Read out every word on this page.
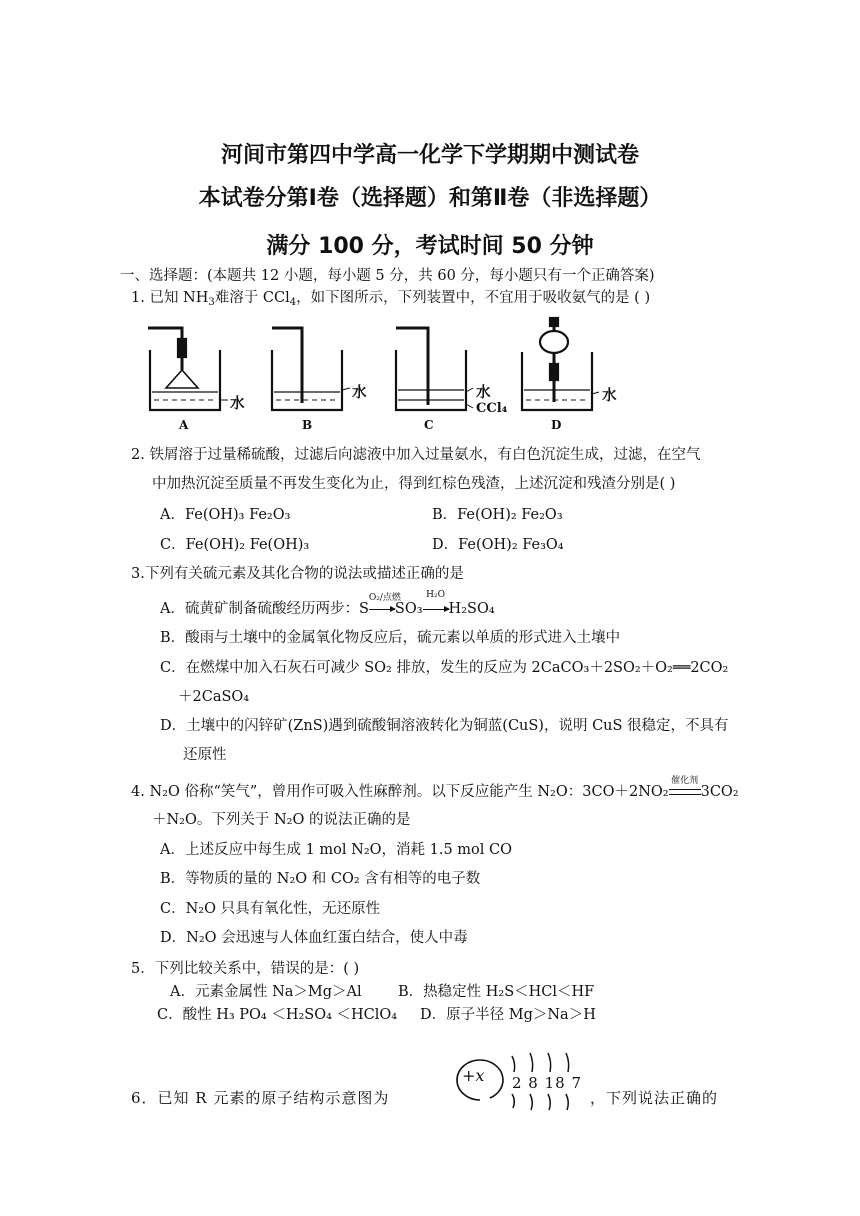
河间市第四中学高一化学下学期期中测试卷
本试卷分第Ⅰ卷（选择题）和第Ⅱ卷（非选择题）
满分 100 分，考试时间 50 分钟
一、选择题：(本题共 12 小题，每小题 5 分，共 60 分，每小题只有一个正确答案)
1. 已知 $NH_3$难溶于 CCl$_4$，如下图所示，下列装置中，不宜用于吸收氨气的是 ( )
水
水	水
CCl₄
水
A	B	C	D
2. 铁屑溶于过量稀硫酸，过滤后向滤液中加入过量氨水，有白色沉淀生成，过滤，在空气
中加热沉淀至质量不再发生变化为止，得到红棕色残渣，上述沉淀和残渣分别是( )
A．Fe(OH)₃ Fe₂O₃	B．Fe(OH)₂ Fe₂O₃
C．Fe(OH)₂ Fe(OH)₃	D．Fe(OH)₂ Fe₃O₄
3.下列有关硫元素及其化合物的说法或描述正确的是
A．硫黄矿制备硫酸经历两步：S
O₂/点燃
SO₃
H₂O
H₂SO₄
B．酸雨与土壤中的金属氧化物反应后，硫元素以单质的形式进入土壤中
C．在燃煤中加入石灰石可减少 SO₂ 排放，发生的反应为 2CaCO₃＋2SO₂＋O₂══2CO₂
＋2CaSO₄
D．土壤中的闪锌矿(ZnS)遇到硫酸铜溶液转化为铜蓝(CuS)，说明 CuS 很稳定，不具有
还原性
4. N₂O 俗称“笑气”，曾用作可吸入性麻醉剂。以下反应能产生 N₂O：3CO＋2NO₂
催化剂
3CO₂
＋N₂O。下列关于 N₂O 的说法正确的是
A．上述反应中每生成 1 mol N₂O，消耗 1.5 mol CO
B．等物质的量的 N₂O 和 CO₂ 含有相等的电子数
C．N₂O 只具有氧化性，无还原性
D．N₂O 会迅速与人体血红蛋白结合，使人中毒
5．下列比较关系中，错误的是：( )
A．元素金属性 Na＞Mg＞Al	B．热稳定性 H₂S＜HCl＜HF
C．酸性 H₃ PO₄ ＜H₂SO₄ ＜HClO₄ D．原子半径 Mg＞Na＞H
6．已知 R 元素的原子结构示意图为
+x 2 8 18 7
，下列说法正确的
